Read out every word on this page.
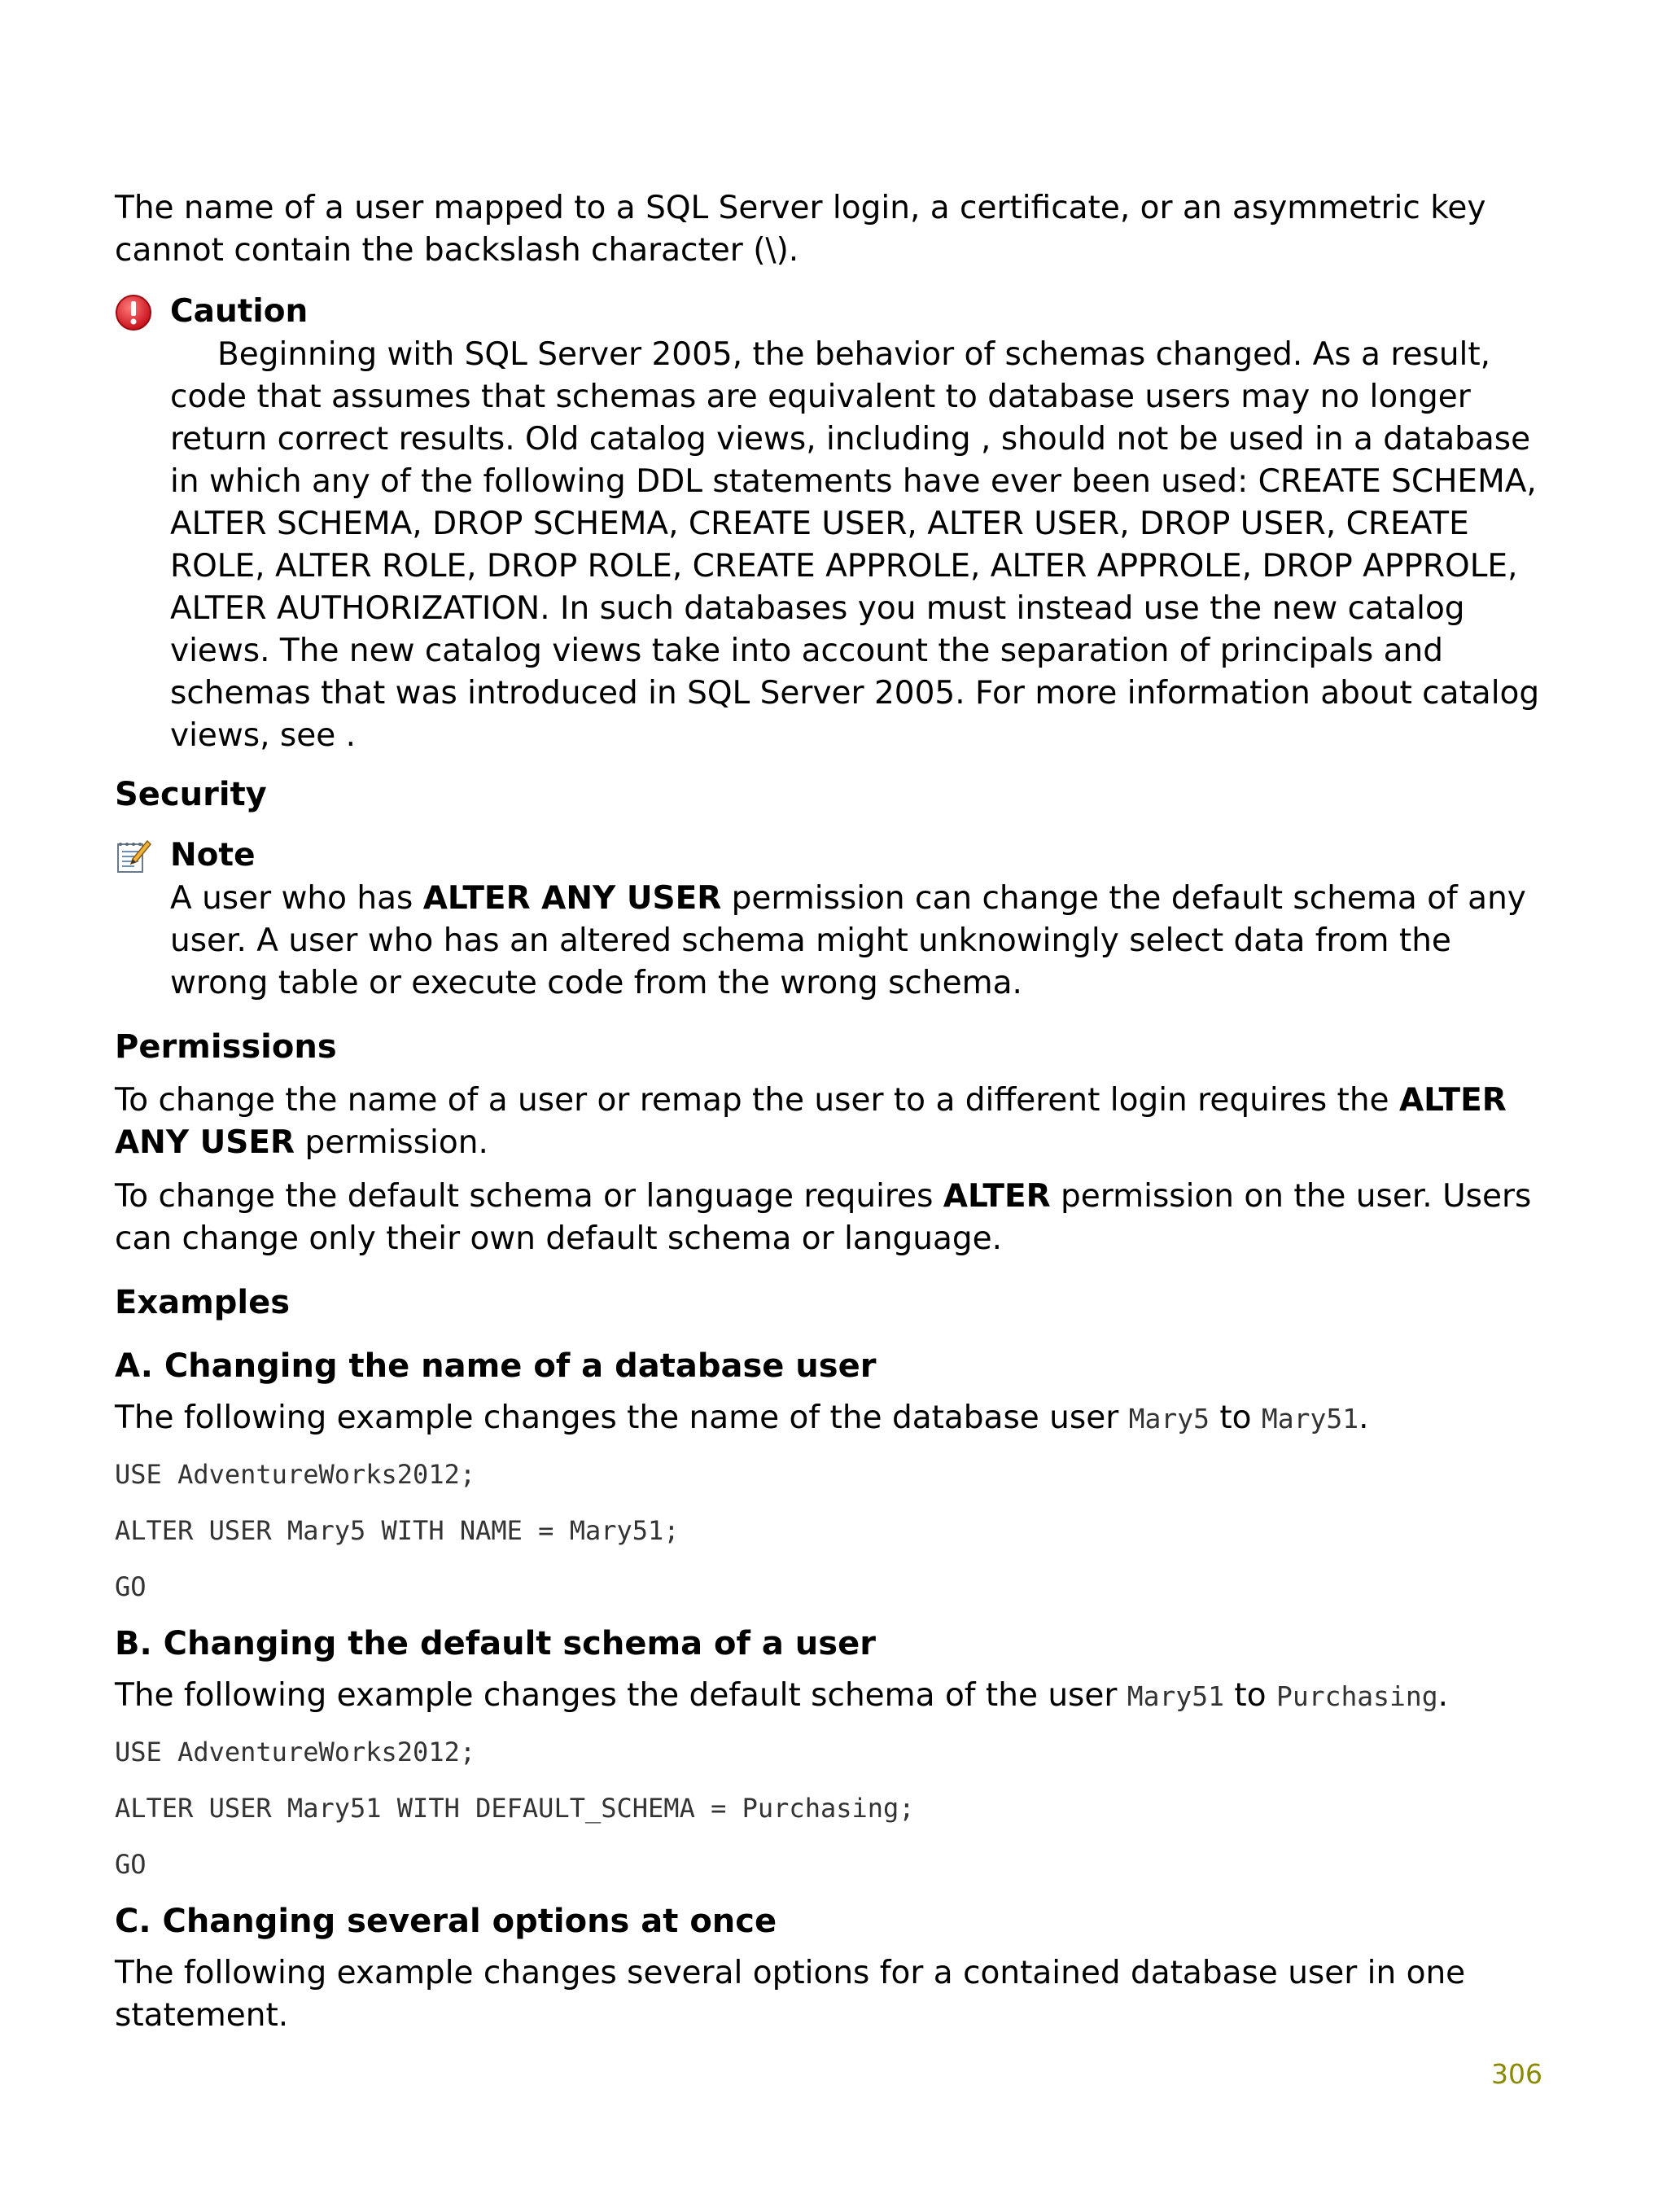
The name of a user mapped to a SQL Server login, a certificate, or an asymmetric key cannot contain the backslash character (\).

Caution

Beginning with SQL Server 2005, the behavior of schemas changed. As a result, code that assumes that schemas are equivalent to database users may no longer return correct results. Old catalog views, including , should not be used in a database in which any of the following DDL statements have ever been used: CREATE SCHEMA, ALTER SCHEMA, DROP SCHEMA, CREATE USER, ALTER USER, DROP USER, CREATE ROLE, ALTER ROLE, DROP ROLE, CREATE APPROLE, ALTER APPROLE, DROP APPROLE, ALTER AUTHORIZATION. In such databases you must instead use the new catalog views. The new catalog views take into account the separation of principals and schemas that was introduced in SQL Server 2005. For more information about catalog views, see .

Security

Note

A user who has ALTER ANY USER permission can change the default schema of any user. A user who has an altered schema might unknowingly select data from the wrong table or execute code from the wrong schema.

Permissions

To change the name of a user or remap the user to a different login requires the ALTER ANY USER permission.

To change the default schema or language requires ALTER permission on the user. Users can change only their own default schema or language.

Examples

A. Changing the name of a database user

The following example changes the name of the database user Mary5 to Mary51.

USE AdventureWorks2012;

ALTER USER Mary5 WITH NAME = Mary51;

GO

B. Changing the default schema of a user

The following example changes the default schema of the user Mary51 to Purchasing.

USE AdventureWorks2012;

ALTER USER Mary51 WITH DEFAULT_SCHEMA = Purchasing;

GO

C. Changing several options at once

The following example changes several options for a contained database user in one statement.

306
